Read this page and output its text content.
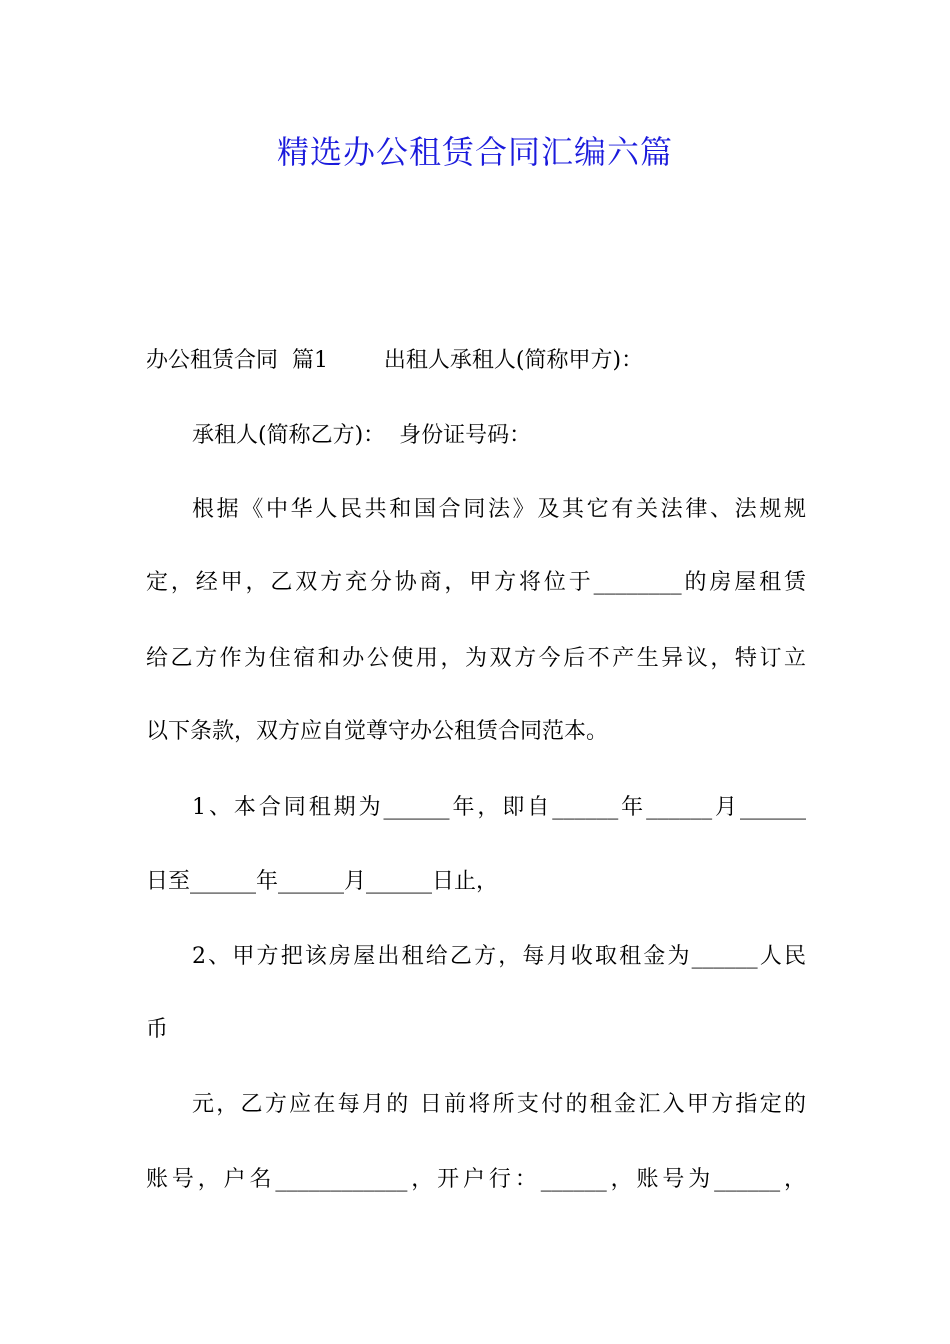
精选办公租赁合同汇编六篇
办公租赁合同  篇1        出租人承租人(简称甲方)：
承租人(简称乙方)：  身份证号码：
根据《中华人民共和国合同法》及其它有关法律、法规规
定，经甲，乙双方充分协商，甲方将位于________的房屋租赁
给乙方作为住宿和办公使用，为双方今后不产生异议，特订立
以下条款，双方应自觉尊守办公租赁合同范本。
1、本合同租期为______年，即自______年______月______
日至______年______月______日止，
2、甲方把该房屋出租给乙方，每月收取租金为______人民
币
元，乙方应在每月的 日前将所支付的租金汇入甲方指定的
账号，户名____________，开户行：______，账号为______，
